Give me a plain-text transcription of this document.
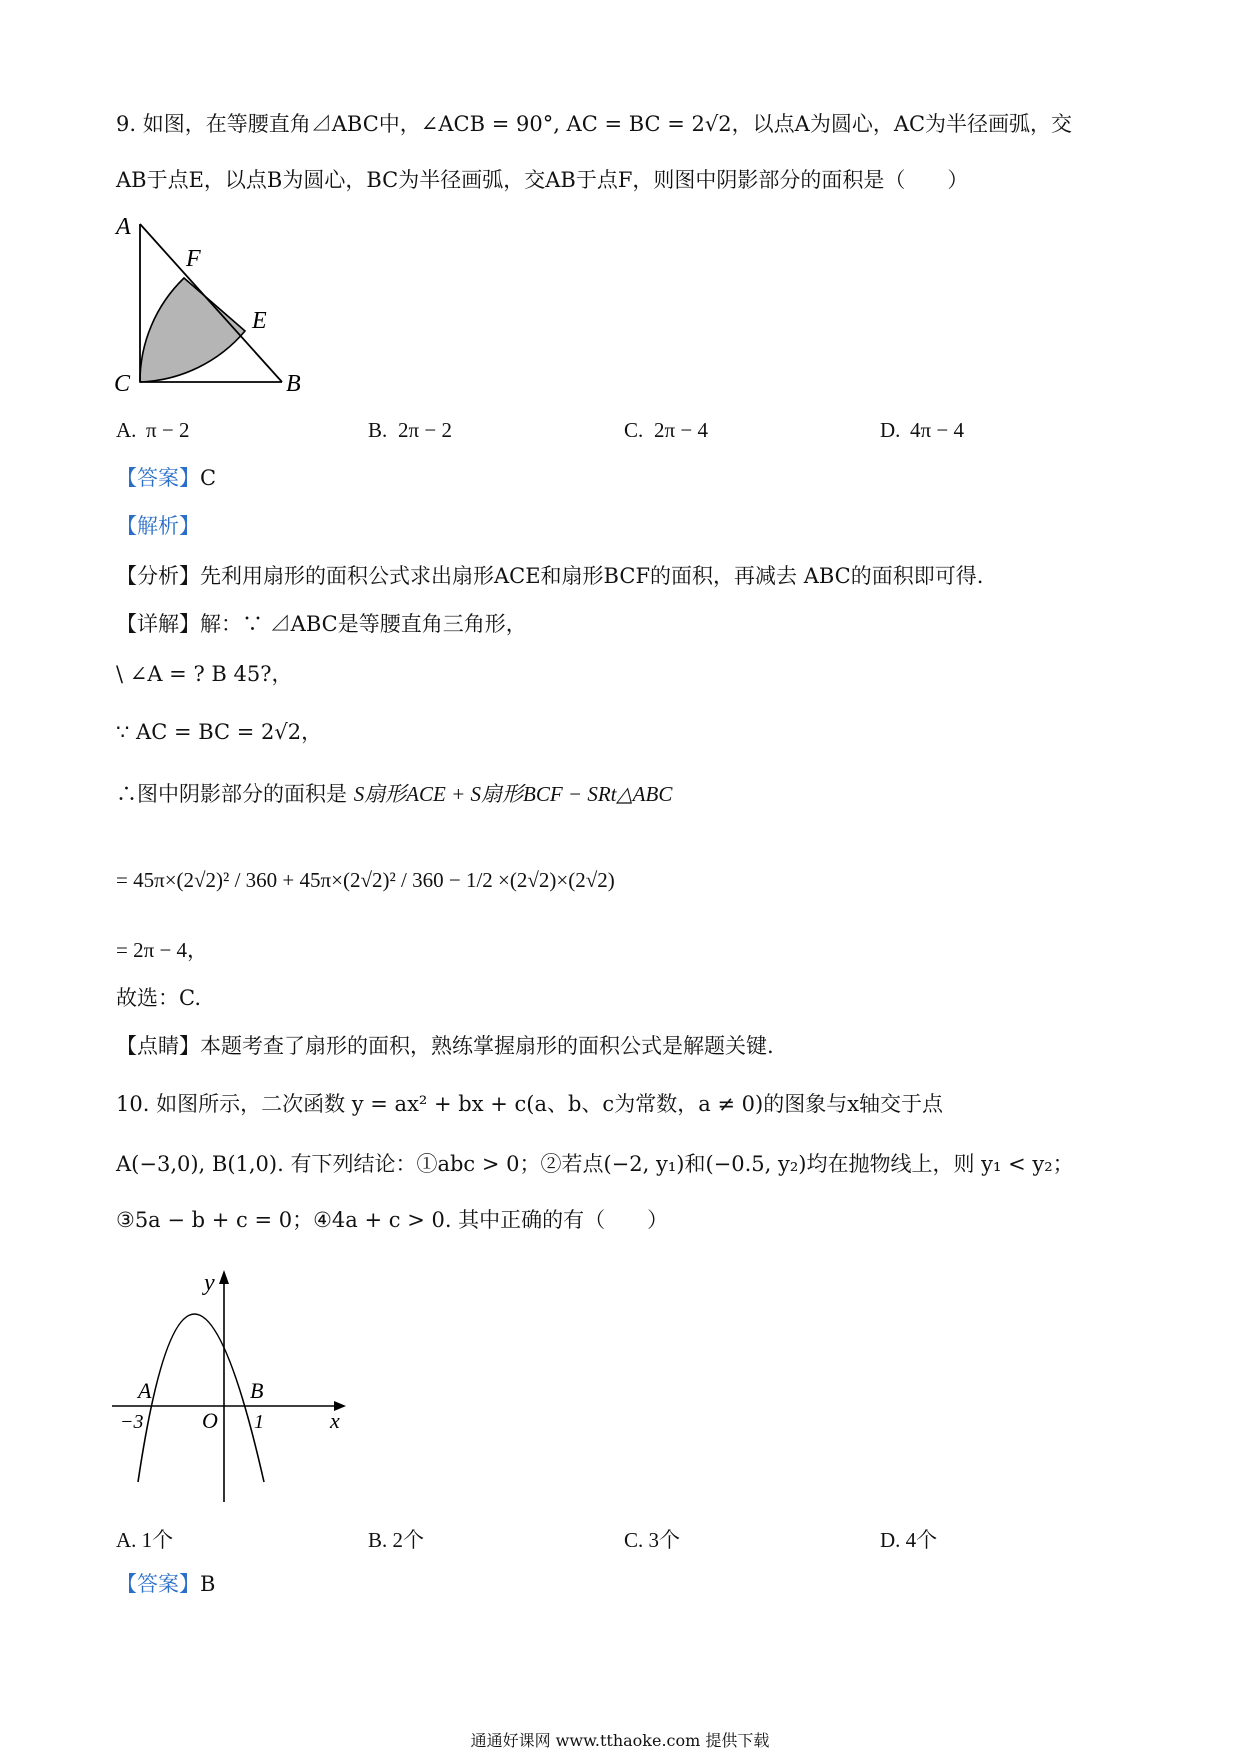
9. 如图，在等腰直角⊿ABC中，∠ACB = 90°, AC = BC = 2√2，以点A为圆心，AC为半径画弧，交
AB于点E，以点B为圆心，BC为半径画弧，交AB于点F，则图中阴影部分的面积是（　　）
A
F
E
C	B
A. π − 2	B. 2π − 2	C. 2π − 4	D. 4π − 4
【答案】C
【解析】
【分析】先利用扇形的面积公式求出扇形ACE和扇形BCF的面积，再减去 ABC的面积即可得.
【详解】解：∵ ⊿ABC是等腰直角三角形，
\ ∠A = ? B 45?，
∵ AC = BC = 2√2，
∴图中阴影部分的面积是 S扇形ACE + S扇形BCF − SRt△ABC
= 45π×(2√2)² / 360 + 45π×(2√2)² / 360 − 1/2 ×(2√2)×(2√2)
= 2π − 4，
故选：C.
【点睛】本题考查了扇形的面积，熟练掌握扇形的面积公式是解题关键.
10. 如图所示，二次函数 y = ax² + bx + c(a、b、c为常数，a ≠ 0)的图象与x轴交于点
A(−3,0), B(1,0). 有下列结论：①abc > 0；②若点(−2, y₁)和(−0.5, y₂)均在抛物线上，则 y₁ < y₂；
③5a − b + c = 0；④4a + c > 0. 其中正确的有（　　）
y
x
A	B
O
−3	1
A. 1个	B. 2个	C. 3个	D. 4个
【答案】B
通通好课网 www.tthaoke.com 提供下载
